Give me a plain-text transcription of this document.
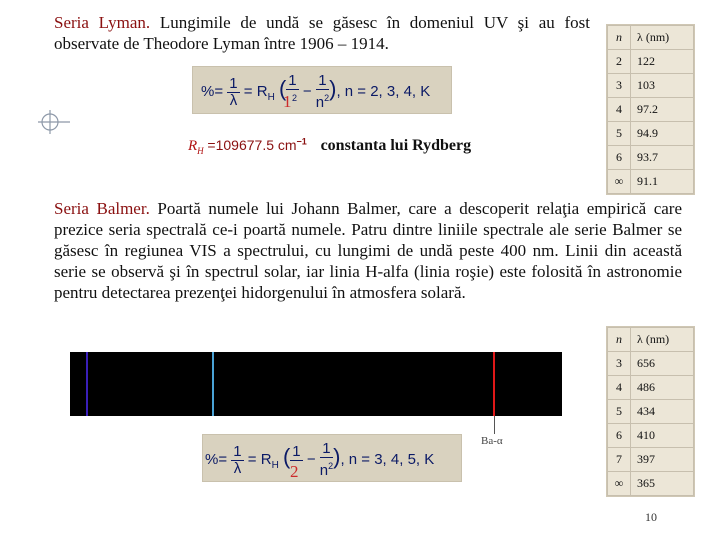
Seria Lyman. Lungimile de undă se găsesc în domeniul UV şi au fost observate de Theodore Lyman între 1906 – 1914.
%= $\frac{1}{\lambda} = R_H$ ( $\frac{1}{^2} - \frac{1}{n^2}$ ), n = 2, 3, 4, K
1
$R_H =109677.5$ $cm^{-1}$ constanta lui Rydberg
n	λ (nm)
2	122
3	103
4	97.2
5	94.9
6	93.7
∞	91.1
Seria Balmer. Poartă numele lui Johann Balmer, care a descoperit relaţia empirică care prezice seria spectrală ce-i poartă numele. Patru dintre liniile spectrale ale serie Balmer se găsesc în regiunea VIS a spectrului, cu lungimi de undă peste 400 nm. Linii din această serie se observă şi în spectrul solar, iar linia H-alfa (linia roşie) este folosită în astronomie pentru detectarea prezenţei hidorgenului în atmosfera solară.
Ba-α
%= $\frac{1}{\lambda} = R_H$ ( 1
− $\frac{1}{n^2}$ ), n = 3, 4, 5, K
2
n	λ (nm)
3	656
4	486
5	434
6	410
7	397
∞	365
10
